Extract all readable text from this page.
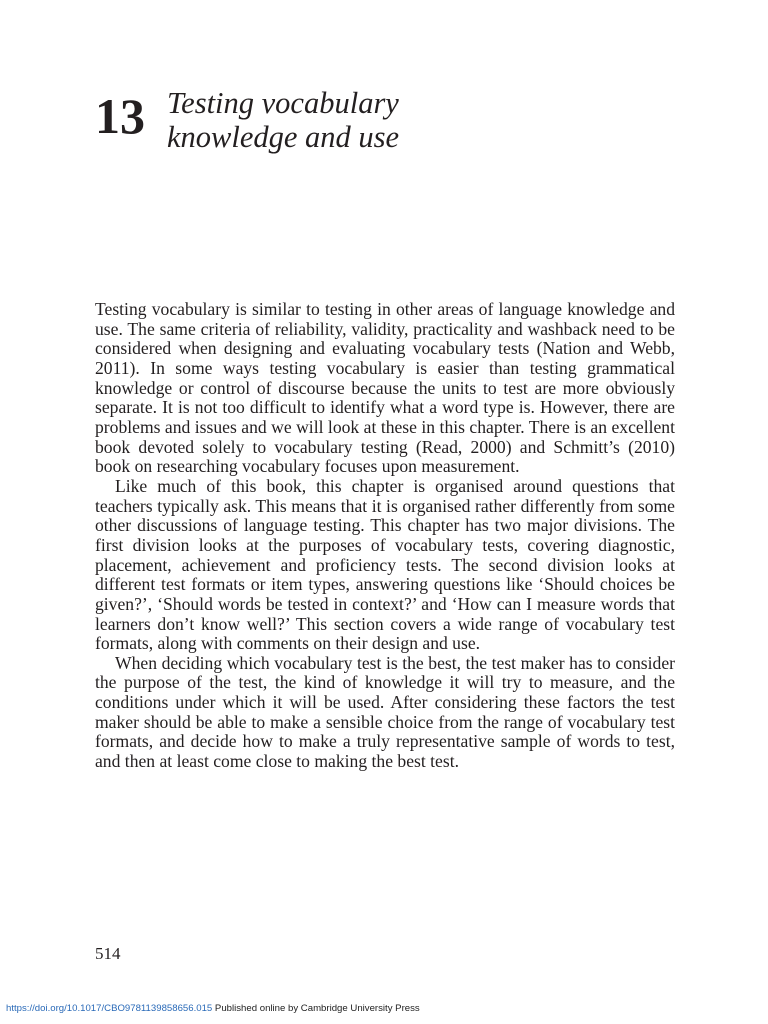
13 Testing vocabulary
knowledge and use

Testing vocabulary is similar to testing in other areas of language knowledge and use. The same criteria of reliability, validity, practicality and washback need to be considered when designing and evaluating vocabulary tests (Nation and Webb, 2011). In some ways testing vocabulary is easier than testing grammatical knowledge or control of discourse because the units to test are more obviously separate. It is not too difficult to identify what a word type is. However, there are problems and issues and we will look at these in this chapter. There is an excellent book devoted solely to vocabulary testing (Read, 2000) and Schmitt’s (2010) book on researching vocabulary focuses upon measurement.

Like much of this book, this chapter is organised around questions that teachers typically ask. This means that it is organised rather differently from some other discussions of language testing. This chapter has two major divisions. The first division looks at the purposes of vocabulary tests, covering diagnostic, placement, achievement and proficiency tests. The second division looks at different test formats or item types, answering questions like ‘Should choices be given?’, ‘Should words be tested in context?’ and ‘How can I measure words that learners don’t know well?’ This section covers a wide range of vocabulary test formats, along with comments on their design and use.

When deciding which vocabulary test is the best, the test maker has to consider the purpose of the test, the kind of knowledge it will try to measure, and the conditions under which it will be used. After considering these factors the test maker should be able to make a sensible choice from the range of vocabulary test formats, and decide how to make a truly representative sample of words to test, and then at least come close to making the best test.

514
https://doi.org/10.1017/CBO9781139858656.015 Published online by Cambridge University Press
